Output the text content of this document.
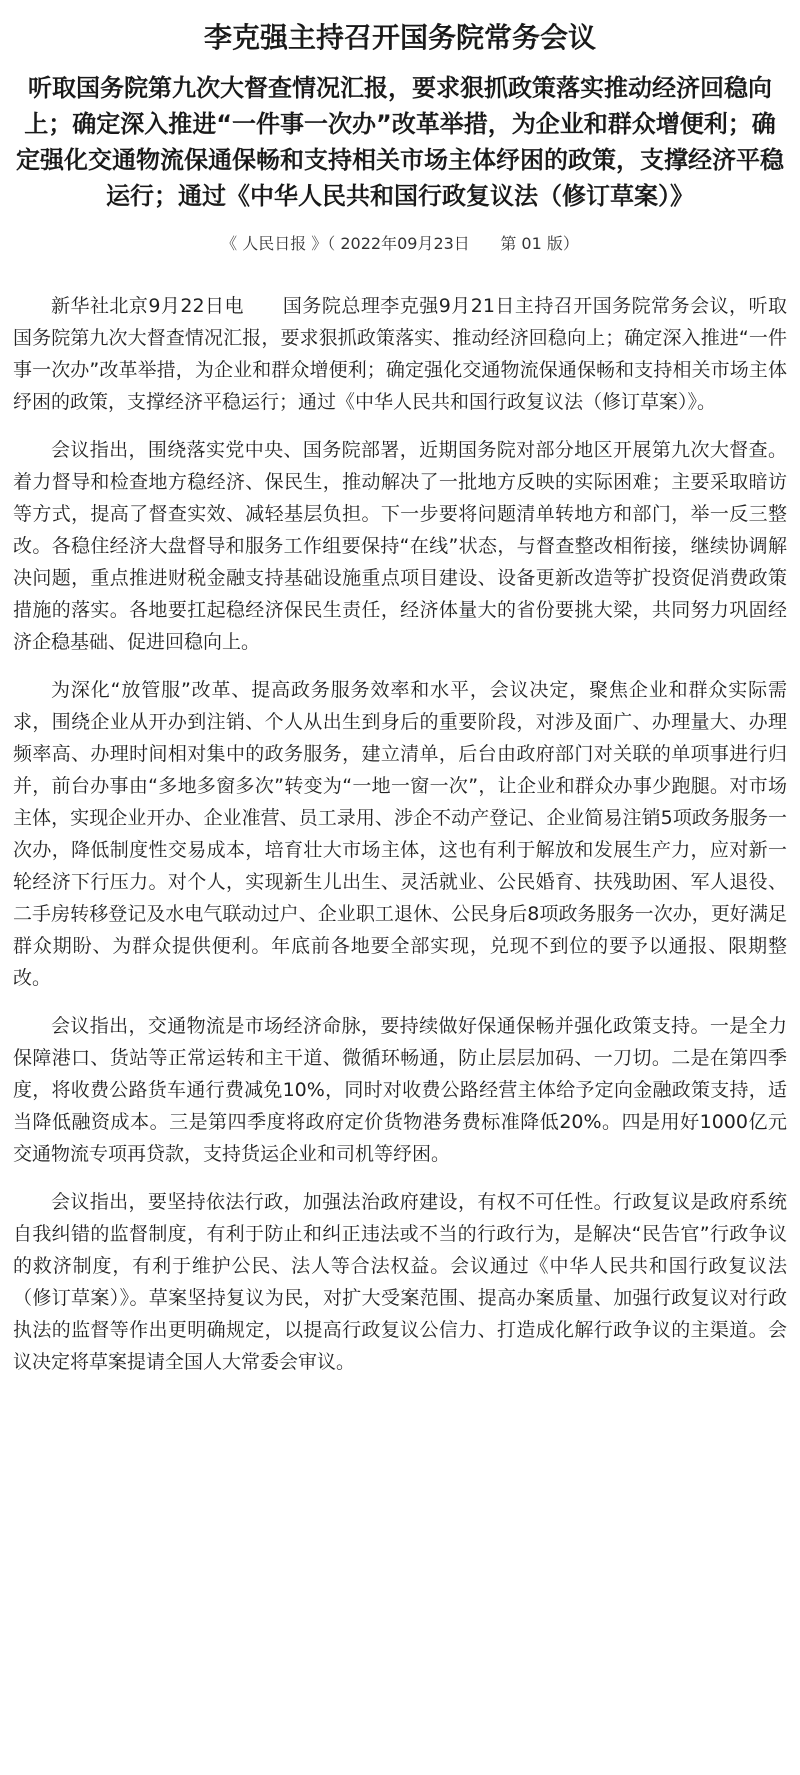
李克强主持召开国务院常务会议
听取国务院第九次大督查情况汇报，要求狠抓政策落实推动经济回稳向上；确定深入推进“一件事一次办”改革举措，为企业和群众增便利；确定强化交通物流保通保畅和支持相关市场主体纾困的政策，支撑经济平稳运行；通过《中华人民共和国行政复议法（修订草案）》
《 人民日报 》（ 2022年09月23日 第 01 版）

新华社北京9月22日电　　国务院总理李克强9月21日主持召开国务院常务会议，听取国务院第九次大督查情况汇报，要求狠抓政策落实、推动经济回稳向上；确定深入推进“一件事一次办”改革举措，为企业和群众增便利；确定强化交通物流保通保畅和支持相关市场主体纾困的政策，支撑经济平稳运行；通过《中华人民共和国行政复议法（修订草案）》。

会议指出，围绕落实党中央、国务院部署，近期国务院对部分地区开展第九次大督查。着力督导和检查地方稳经济、保民生，推动解决了一批地方反映的实际困难；主要采取暗访等方式，提高了督查实效、减轻基层负担。下一步要将问题清单转地方和部门，举一反三整改。各稳住经济大盘督导和服务工作组要保持“在线”状态，与督查整改相衔接，继续协调解决问题，重点推进财税金融支持基础设施重点项目建设、设备更新改造等扩投资促消费政策措施的落实。各地要扛起稳经济保民生责任，经济体量大的省份要挑大梁，共同努力巩固经济企稳基础、促进回稳向上。

为深化“放管服”改革、提高政务服务效率和水平，会议决定，聚焦企业和群众实际需求，围绕企业从开办到注销、个人从出生到身后的重要阶段，对涉及面广、办理量大、办理频率高、办理时间相对集中的政务服务，建立清单，后台由政府部门对关联的单项事进行归并，前台办事由“多地多窗多次”转变为“一地一窗一次”，让企业和群众办事少跑腿。对市场主体，实现企业开办、企业准营、员工录用、涉企不动产登记、企业简易注销5项政务服务一次办，降低制度性交易成本，培育壮大市场主体，这也有利于解放和发展生产力，应对新一轮经济下行压力。对个人，实现新生儿出生、灵活就业、公民婚育、扶残助困、军人退役、二手房转移登记及水电气联动过户、企业职工退休、公民身后8项政务服务一次办，更好满足群众期盼、为群众提供便利。年底前各地要全部实现，兑现不到位的要予以通报、限期整改。

会议指出，交通物流是市场经济命脉，要持续做好保通保畅并强化政策支持。一是全力保障港口、货站等正常运转和主干道、微循环畅通，防止层层加码、一刀切。二是在第四季度，将收费公路货车通行费减免10%，同时对收费公路经营主体给予定向金融政策支持，适当降低融资成本。三是第四季度将政府定价货物港务费标准降低20%。四是用好1000亿元交通物流专项再贷款，支持货运企业和司机等纾困。

会议指出，要坚持依法行政，加强法治政府建设，有权不可任性。行政复议是政府系统自我纠错的监督制度，有利于防止和纠正违法或不当的行政行为，是解决“民告官”行政争议的救济制度，有利于维护公民、法人等合法权益。会议通过《中华人民共和国行政复议法（修订草案）》。草案坚持复议为民，对扩大受案范围、提高办案质量、加强行政复议对行政执法的监督等作出更明确规定，以提高行政复议公信力、打造成化解行政争议的主渠道。会议决定将草案提请全国人大常委会审议。
